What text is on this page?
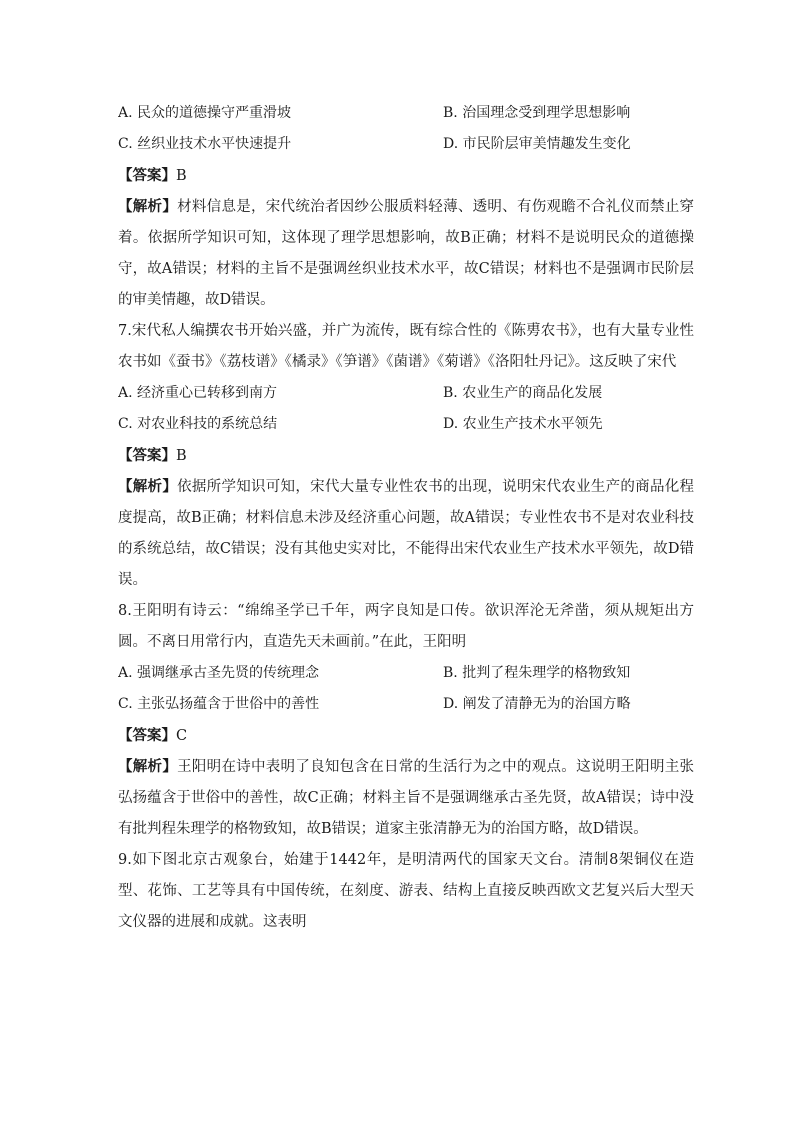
A. 民众的道德操守严重滑坡	B. 治国理念受到理学思想影响
C. 丝织业技术水平快速提升	D. 市民阶层审美情趣发生变化
【答案】B

【解析】材料信息是，宋代统治者因纱公服质料轻薄、透明、有伤观瞻不合礼仪而禁止穿着。依据所学知识可知，这体现了理学思想影响，故B正确；材料不是说明民众的道德操守，故A错误；材料的主旨不是强调丝织业技术水平，故C错误；材料也不是强调市民阶层的审美情趣，故D错误。

7.宋代私人编撰农书开始兴盛，并广为流传，既有综合性的《陈旉农书》，也有大量专业性农书如《蚕书》《荔枝谱》《橘录》《笋谱》《菌谱》《菊谱》《洛阳牡丹记》。这反映了宋代

A. 经济重心已转移到南方	B. 农业生产的商品化发展
C. 对农业科技的系统总结	D. 农业生产技术水平领先
【答案】B

【解析】依据所学知识可知，宋代大量专业性农书的出现，说明宋代农业生产的商品化程度提高，故B正确；材料信息未涉及经济重心问题，故A错误；专业性农书不是对农业科技的系统总结，故C错误；没有其他史实对比，不能得出宋代农业生产技术水平领先，故D错误。

8.王阳明有诗云：“绵绵圣学已千年，两字良知是口传。欲识浑沦无斧凿，须从规矩出方圆。不离日用常行内，直造先天未画前。”在此，王阳明

A. 强调继承古圣先贤的传统理念	B. 批判了程朱理学的格物致知
C. 主张弘扬蕴含于世俗中的善性	D. 阐发了清静无为的治国方略
【答案】C

【解析】王阳明在诗中表明了良知包含在日常的生活行为之中的观点。这说明王阳明主张弘扬蕴含于世俗中的善性，故C正确；材料主旨不是强调继承古圣先贤，故A错误；诗中没有批判程朱理学的格物致知，故B错误；道家主张清静无为的治国方略，故D错误。

9.如下图北京古观象台，始建于1442年，是明清两代的国家天文台。清制8架铜仪在造型、花饰、工艺等具有中国传统，在刻度、游表、结构上直接反映西欧文艺复兴后大型天文仪器的进展和成就。这表明
